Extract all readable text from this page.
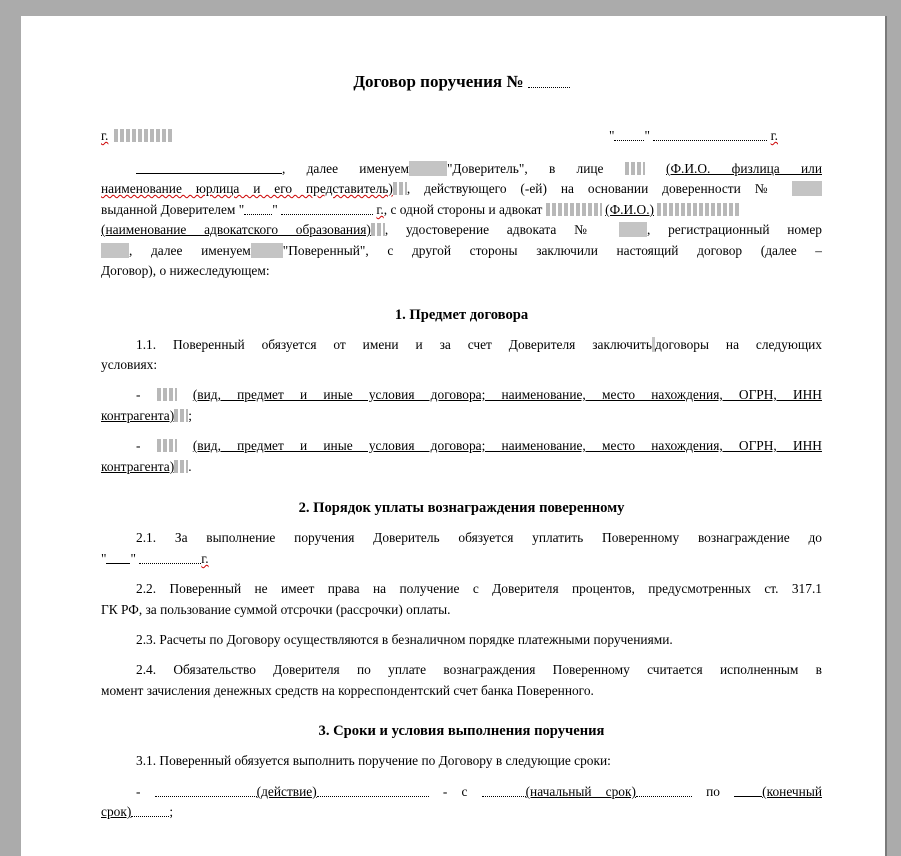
Договор поручения №
г.	" "	г.
, далее именуем	"Доверитель", в лице	(Ф.И.О. физлица или
наименование юрлица и его представитель) , действующего (-ей) на основании доверенности №
выданной Доверителем " "	г., с одной стороны и адвокат	(Ф.И.О.)
(наименование адвокатского образования) , удостоверение адвоката №	, регистрационный номер
, далее именуем "Поверенный", с другой стороны заключили настоящий договор (далее –
Договор), о нижеследующем:
1. Предмет договора
1.1. Поверенный обязуется от имени и за счет Доверителя заключить договоры на следующих
условиях:
-	(вид, предмет и иные условия договора; наименование, место нахождения, ОГРН, ИНН
контрагента) ;
-	(вид, предмет и иные условия договора; наименование, место нахождения, ОГРН, ИНН
контрагента) .
2. Порядок уплаты вознаграждения поверенному
2.1. За выполнение поручения Доверитель обязуется уплатить Поверенному вознаграждение до
" "	г.
2.2. Поверенный не имеет права на получение с Доверителя процентов, предусмотренных ст. 317.1
ГК РФ, за пользование суммой отсрочки (рассрочки) оплаты.
2.3. Расчеты по Договору осуществляются в безналичном порядке платежными поручениями.
2.4. Обязательство Доверителя по уплате вознаграждения Поверенному считается исполненным в
момент зачисления денежных средств на корреспондентский счет банка Поверенного.
3. Сроки и условия выполнения поручения
3.1. Поверенный обязуется выполнить поручение по Договору в следующие сроки:
-	(действие)	- с	(начальный срок)	по	(конечный
срок)	;
